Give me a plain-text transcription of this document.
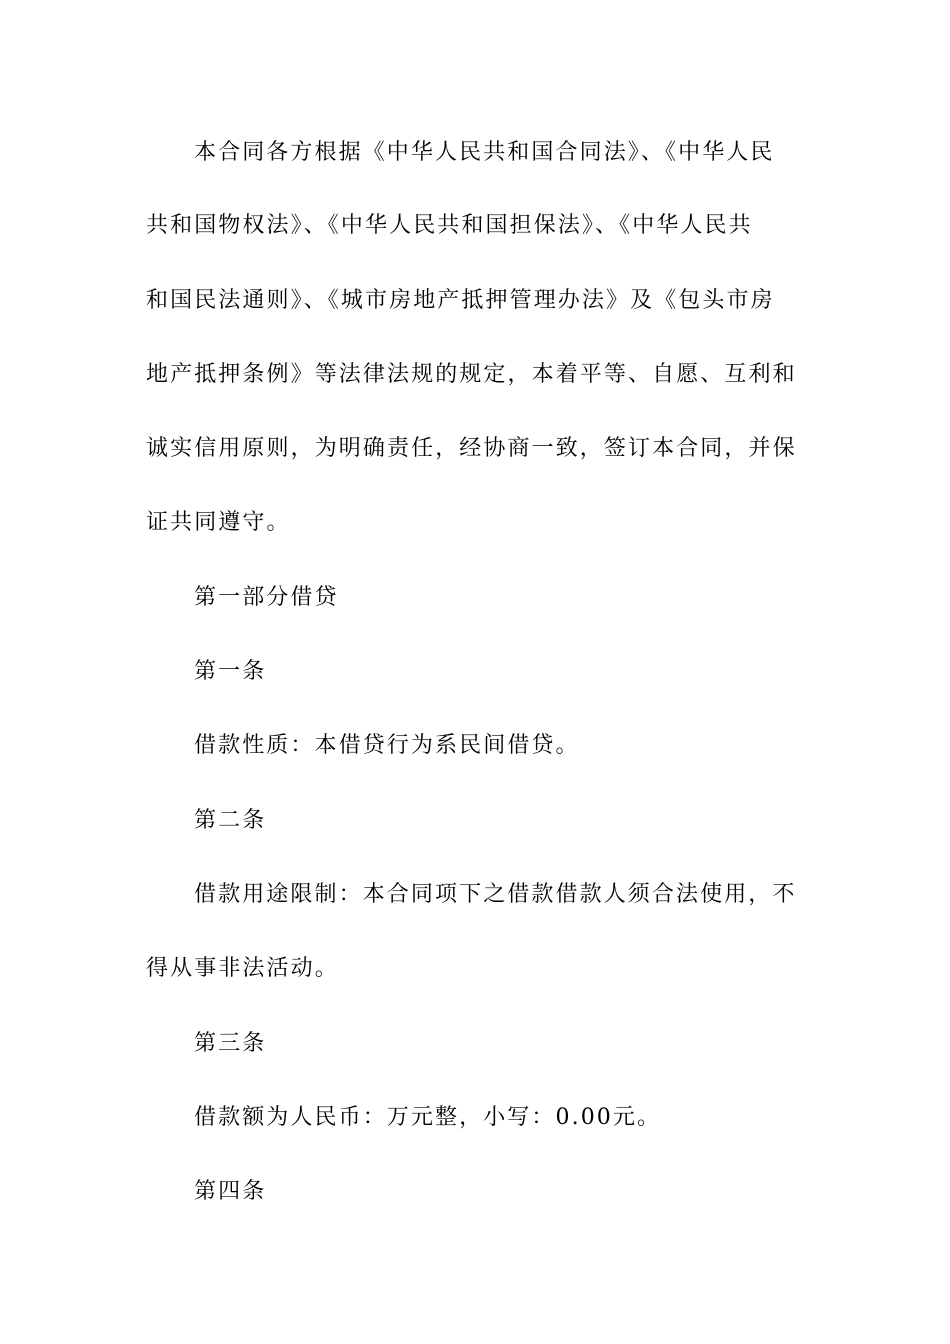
本合同各方根据《中华人民共和国合同法》、《中华人民
共和国物权法》、《中华人民共和国担保法》、《中华人民共
和国民法通则》、《城市房地产抵押管理办法》及《包头市房
地产抵押条例》等法律法规的规定，本着平等、自愿、互利和
诚实信用原则，为明确责任，经协商一致，签订本合同，并保
证共同遵守。
第一部分借贷
第一条
借款性质：本借贷行为系民间借贷。
第二条
借款用途限制：本合同项下之借款借款人须合法使用，不
得从事非法活动。
第三条
借款额为人民币：万元整，小写：0.00元。
第四条
